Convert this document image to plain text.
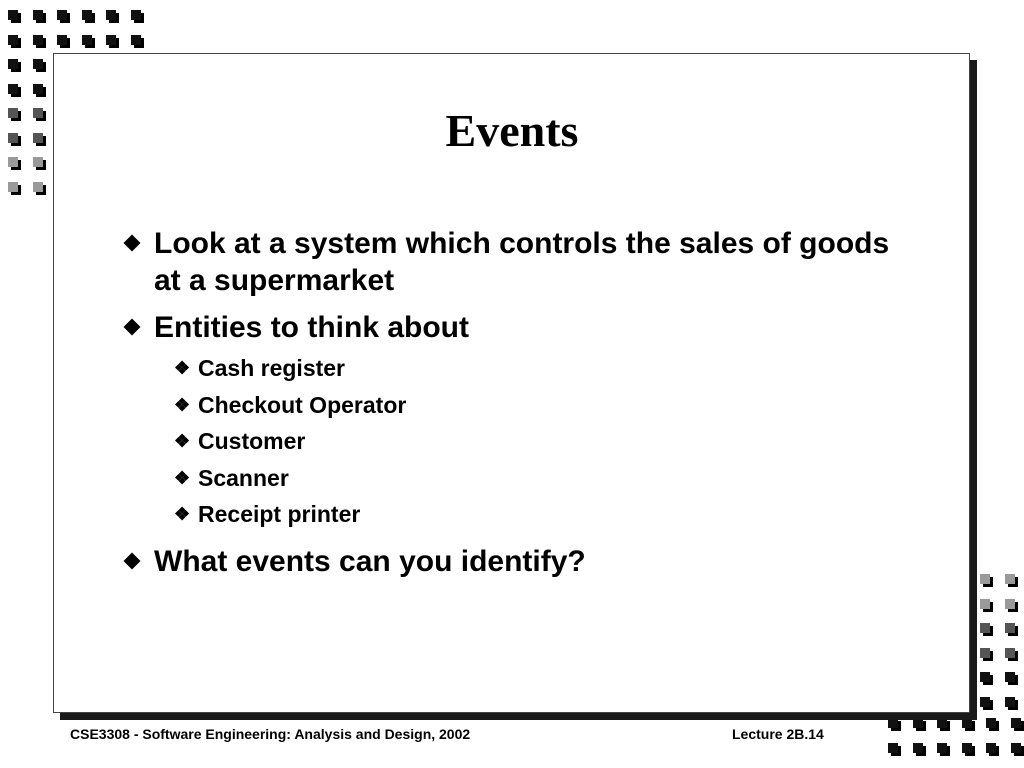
Events
Look at a system which controls the sales of goods at a supermarket
Entities to think about
❖ Cash register
❖ Checkout Operator
❖ Customer
❖ Scanner
❖ Receipt printer
What events can you identify?
CSE3308 - Software Engineering: Analysis and Design, 2002	Lecture 2B.14
